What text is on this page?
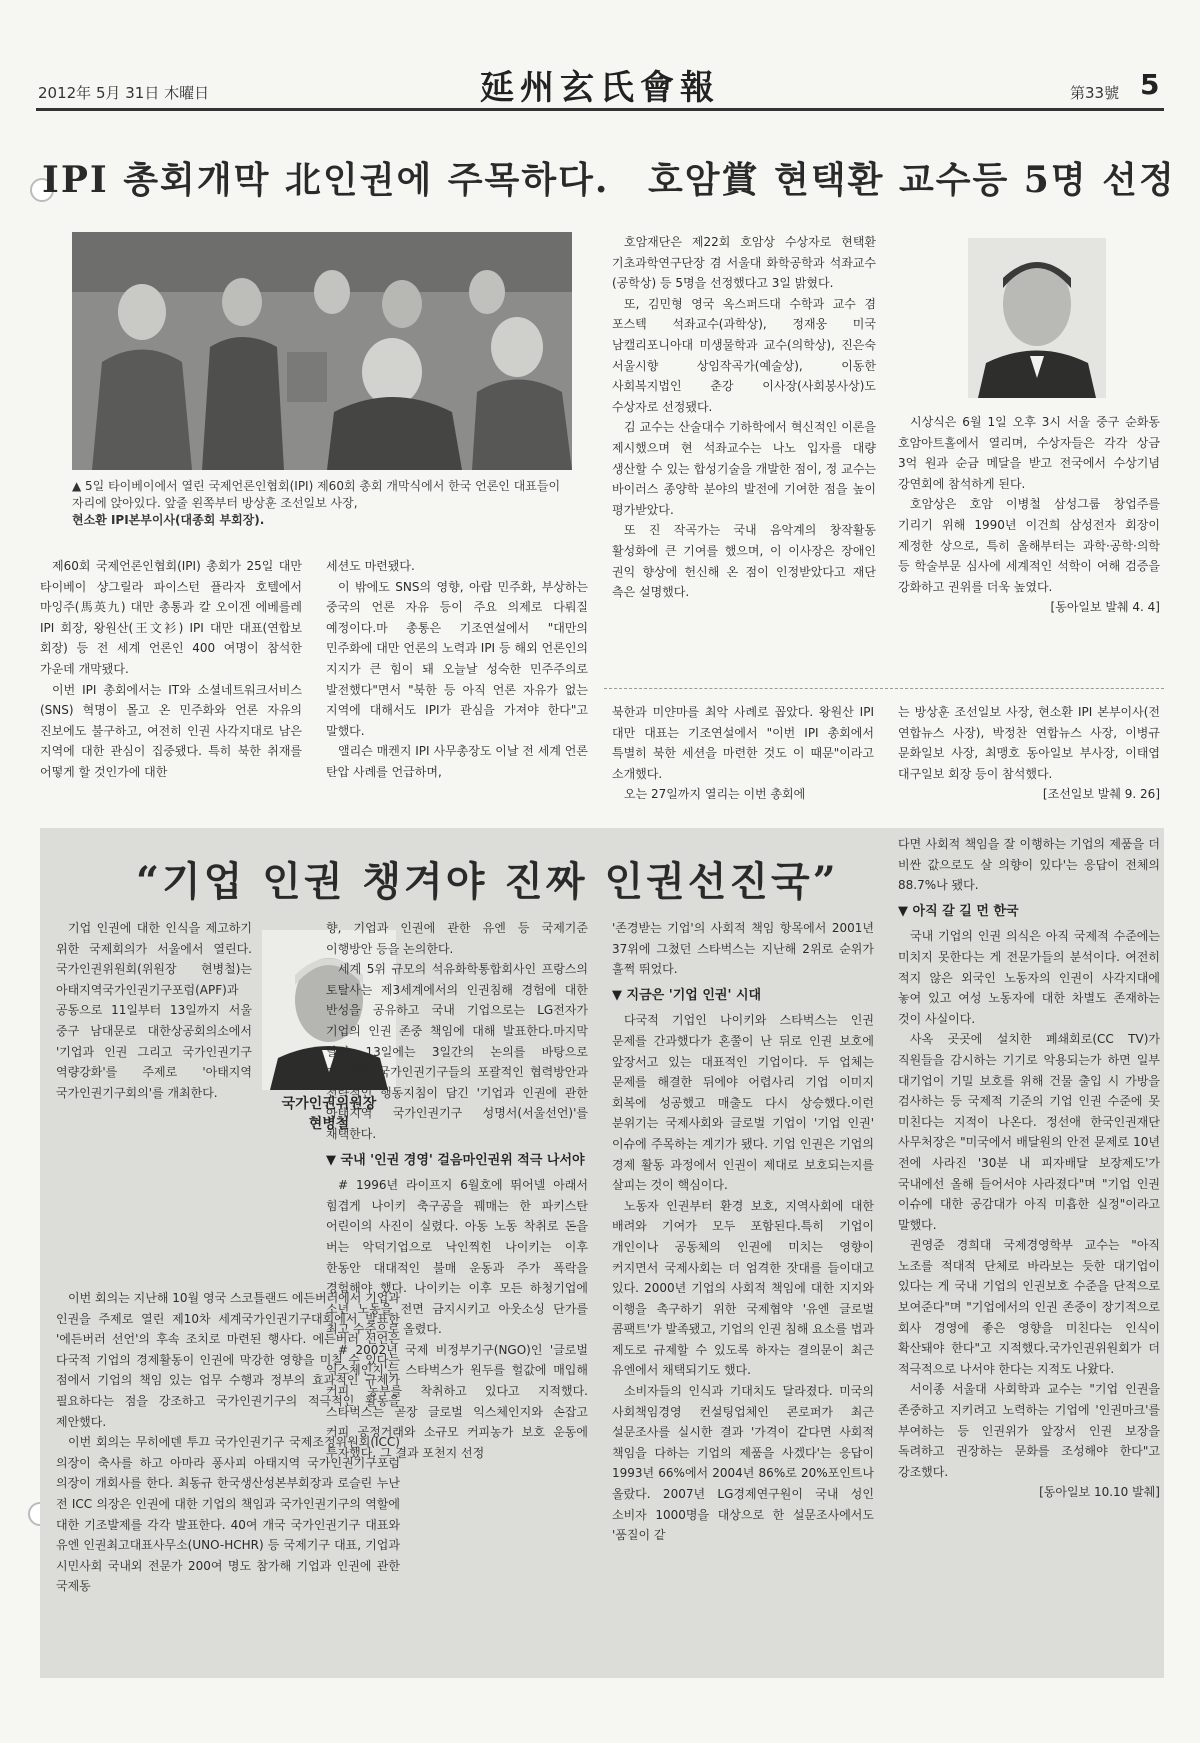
2012年 5月 31日 木曜日	延州玄氏會報	第33號 5
IPI 총회개막 北인권에 주목하다.
▲ 5일 타이베이에서 열린 국제언론인협회(IPI) 제60회 총회 개막식에서 한국 언론인 대표들이 자리에 앉아있다. 앞줄 왼쪽부터 방상훈 조선일보 사장,
현소환 IPI본부이사(대종회 부회장).

제60회 국제언론인협회(IPI) 총회가 25일 대만 타이베이 샹그릴라 파이스턴 플라자 호텔에서 마잉주(馬英九) 대만 총통과 칼 오이겐 에베를레 IPI 회장, 왕원산(王文衫) IPI 대만 대표(연합보 회장) 등 전 세계 언론인 400 여명이 참석한 가운데 개막됐다.

이번 IPI 총회에서는 IT와 소셜네트워크서비스(SNS) 혁명이 몰고 온 민주화와 언론 자유의 진보에도 불구하고, 여전히 인권 사각지대로 남은 지역에 대한 관심이 집중됐다. 특히 북한 취재를 어떻게 할 것인가에 대한

세션도 마련됐다.

이 밖에도 SNS의 영향, 아랍 민주화, 부상하는 중국의 언론 자유 등이 주요 의제로 다뤄질 예정이다.마 총통은 기조연설에서 "대만의 민주화에 대만 언론의 노력과 IPI 등 해외 언론인의 지지가 큰 힘이 돼 오늘날 성숙한 민주주의로 발전했다"면서 "북한 등 아직 언론 자유가 없는 지역에 대해서도 IPI가 관심을 가져야 한다"고 말했다.

앨리슨 매켄지 IPI 사무총장도 이날 전 세계 언론 탄압 사례를 언급하며,

북한과 미얀마를 최악 사례로 꼽았다. 왕원산 IPI 대만 대표는 기조연설에서 "이번 IPI 총회에서 특별히 북한 세션을 마련한 것도 이 때문"이라고 소개했다.

오는 27일까지 열리는 이번 총회에

는 방상훈 조선일보 사장, 현소환 IPI 본부이사(전 연합뉴스 사장), 박정찬 연합뉴스 사장, 이병규 문화일보 사장, 최맹호 동아일보 부사장, 이태엽 대구일보 회장 등이 참석했다.

[조선일보 발췌 9. 26]

호암賞 현택환 교수등 5명 선정

호암재단은 제22회 호암상 수상자로 현택환 기초과학연구단장 겸 서울대 화학공학과 석좌교수(공학상) 등 5명을 선정했다고 3일 밝혔다.

또, 김민형 영국 옥스퍼드대 수학과 교수 겸 포스텍 석좌교수(과학상), 정재웅 미국 남캘리포니아대 미생물학과 교수(의학상), 진은숙 서울시향 상임작곡가(예술상), 이동한 사회복지법인 춘강 이사장(사회봉사상)도 수상자로 선정됐다.

김 교수는 산술대수 기하학에서 혁신적인 이론을 제시했으며 현 석좌교수는 나노 입자를 대량 생산할 수 있는 합성기술을 개발한 점이, 정 교수는 바이러스 종양학 분야의 발전에 기여한 점을 높이 평가받았다.

또 진 작곡가는 국내 음악계의 창작활동 활성화에 큰 기여를 했으며, 이 이사장은 장애인 권익 향상에 헌신해 온 점이 인정받았다고 재단 측은 설명했다.

시상식은 6월 1일 오후 3시 서울 중구 순화동 호암아트홀에서 열리며, 수상자들은 각각 상금 3억 원과 순금 메달을 받고 전국에서 수상기념 강연회에 참석하게 된다.

호암상은 호암 이병철 삼성그룹 창업주를 기리기 위해 1990년 이건희 삼성전자 회장이 제정한 상으로, 특히 올해부터는 과학·공학·의학 등 학술부문 심사에 세계적인 석학이 여해 검증을 강화하고 권위를 더욱 높였다.

[동아일보 발췌 4. 4]

“기업 인권 챙겨야 진짜 인권선진국”

기업 인권에 대한 인식을 제고하기 위한 국제회의가 서울에서 열린다. 국가인권위원회(위원장 현병철)는 아태지역국가인권기구포럼(APF)과 공동으로 11일부터 13일까지 서울 중구 남대문로 대한상공회의소에서 '기업과 인권 그리고 국가인권기구 역량강화'를 주제로 '아태지역 국가인권기구회의'를 개최한다.

국가인권위원장
현병철

이번 회의는 지난해 10월 영국 스코틀랜드 에든버러에서 기업과 인권을 주제로 열린 제10차 세계국가인권기구대회에서 발표한 '에든버러 선언'의 후속 조치로 마련된 행사다. 에든버러 선언은 다국적 기업의 경제활동이 인권에 막강한 영향을 미칠 수 있다는 점에서 기업의 책임 있는 업무 수행과 정부의 효과적인 규제가 필요하다는 점을 강조하고 국가인권기구의 적극적인 활동을 제안했다.

이번 회의는 무히에덴 투끄 국가인권기구 국제조정위원회(ICC) 의장이 축사를 하고 아마라 퐁사피 아태지역 국가인권기구포럼 의장이 개회사를 한다. 최동규 한국생산성본부회장과 로슬린 누난 전 ICC 의장은 인권에 대한 기업의 책임과 국가인권기구의 역할에 대한 기조발제를 각각 발표한다. 40여 개국 국가인권기구 대표와 유엔 인권최고대표사무소(UNO-HCHR) 등 국제기구 대표, 기업과 시민사회 국내외 전문가 200여 명도 참가해 기업과 인권에 관한 국제동

향, 기업과 인권에 관한 유엔 등 국제기준 이행방안 등을 논의한다.

세계 5위 규모의 석유화학통합회사인 프랑스의 토탈사는 제3세계에서의 인권침해 경험에 대한 반성을 공유하고 국내 기업으로는 LG전자가 기업의 인권 존중 책임에 대해 발표한다.마지막 날인 13일에는 3일간의 논의를 바탕으로 아태지역 국가인권기구들의 포괄적인 협력방안과 전략적인 행동지침이 담긴 '기업과 인권에 관한 아태지역 국가인권기구 성명서(서울선언)'를 채택한다.

▼ 국내 '인권 경영' 걸음마인권위 적극 나서야

# 1996년 라이프지 6월호에 뛰어넬 아래서 힘겹게 나이키 축구공을 꿰매는 한 파키스탄 어린이의 사진이 실렸다. 아동 노동 착취로 돈을 버는 악덕기업으로 낙인찍힌 나이키는 이후 한동안 대대적인 불매 운동과 주가 폭락을 경험해야 했다. 나이키는 이후 모든 하청기업에 소년 노동을 전면 금지시키고 아웃소싱 단가를 최고 수준으로 올렸다.

# 2002년 국제 비정부기구(NGO)인 '글로벌 익스체인지'는 스타벅스가 원두를 헐값에 매입해 커피 농부를 착취하고 있다고 지적했다. 스타벅스는 곧장 글로벌 익스체인지와 손잡고 커피 공정거래와 소규모 커피농가 보호 운동에 투자했다. 그 결과 포천지 선정

'존경받는 기업'의 사회적 책임 항목에서 2001년 37위에 그쳤던 스타벅스는 지난해 2위로 순위가 훌쩍 뛰었다.

▼ 지금은 '기업 인권' 시대

다국적 기업인 나이키와 스타벅스는 인권 문제를 간과했다가 혼쭐이 난 뒤로 인권 보호에 앞장서고 있는 대표적인 기업이다. 두 업체는 문제를 해결한 뒤에야 어렵사리 기업 이미지 회복에 성공했고 매출도 다시 상승했다.이런 분위기는 국제사회와 글로벌 기업이 '기업 인권' 이슈에 주목하는 계기가 됐다. 기업 인권은 기업의 경제 활동 과정에서 인권이 제대로 보호되는지를 살피는 것이 핵심이다.

노동자 인권부터 환경 보호, 지역사회에 대한 배려와 기여가 모두 포함된다.특히 기업이 개인이나 공동체의 인권에 미치는 영향이 커지면서 국제사회는 더 엄격한 잣대를 들이대고 있다. 2000년 기업의 사회적 책임에 대한 지지와 이행을 촉구하기 위한 국제협약 '유엔 글로벌 콤팩트'가 발족됐고, 기업의 인권 침해 요소를 법과 제도로 규제할 수 있도록 하자는 결의문이 최근 유엔에서 채택되기도 했다.

소비자들의 인식과 기대치도 달라졌다. 미국의 사회책임경영 컨설팅업체인 콘로퍼가 최근 설문조사를 실시한 결과 '가격이 같다면 사회적 책임을 다하는 기업의 제품을 사겠다'는 응답이 1993년 66%에서 2004년 86%로 20%포인트나 올랐다. 2007년 LG경제연구원이 국내 성인 소비자 1000명을 대상으로 한 설문조사에서도 '품질이 같

다면 사회적 책임을 잘 이행하는 기업의 제품을 더 비싼 값으로도 살 의향이 있다'는 응답이 전체의 88.7%나 됐다.

▼ 아직 갈 길 먼 한국

국내 기업의 인권 의식은 아직 국제적 수준에는 미치지 못한다는 게 전문가들의 분석이다. 여전히 적지 않은 외국인 노동자의 인권이 사각지대에 놓여 있고 여성 노동자에 대한 차별도 존재하는 것이 사실이다.

사옥 곳곳에 설치한 폐쇄회로(CC TV)가 직원들을 감시하는 기기로 악용되는가 하면 일부 대기업이 기밀 보호를 위해 건물 출입 시 가방을 검사하는 등 국제적 기준의 기업 인권 수준에 못 미친다는 지적이 나온다. 정선애 한국인권재단 사무처장은 "미국에서 배달원의 안전 문제로 10년 전에 사라진 '30분 내 피자배달 보장제도'가 국내에선 올해 들어서야 사라졌다"며 "기업 인권 이슈에 대한 공감대가 아직 미흡한 실정"이라고 말했다.

권영준 경희대 국제경영학부 교수는 "아직 노조를 적대적 단체로 바라보는 듯한 대기업이 있다는 게 국내 기업의 인권보호 수준을 단적으로 보여준다"며 "기업에서의 인권 존중이 장기적으로 회사 경영에 좋은 영향을 미친다는 인식이 확산돼야 한다"고 지적했다.국가인권위원회가 더 적극적으로 나서야 한다는 지적도 나왔다.

서이종 서울대 사회학과 교수는 "기업 인권을 존중하고 지키려고 노력하는 기업에 '인권마크'를 부여하는 등 인권위가 앞장서 인권 보장을 독려하고 권장하는 문화를 조성해야 한다"고 강조했다.

[동아일보 10.10 발췌]
